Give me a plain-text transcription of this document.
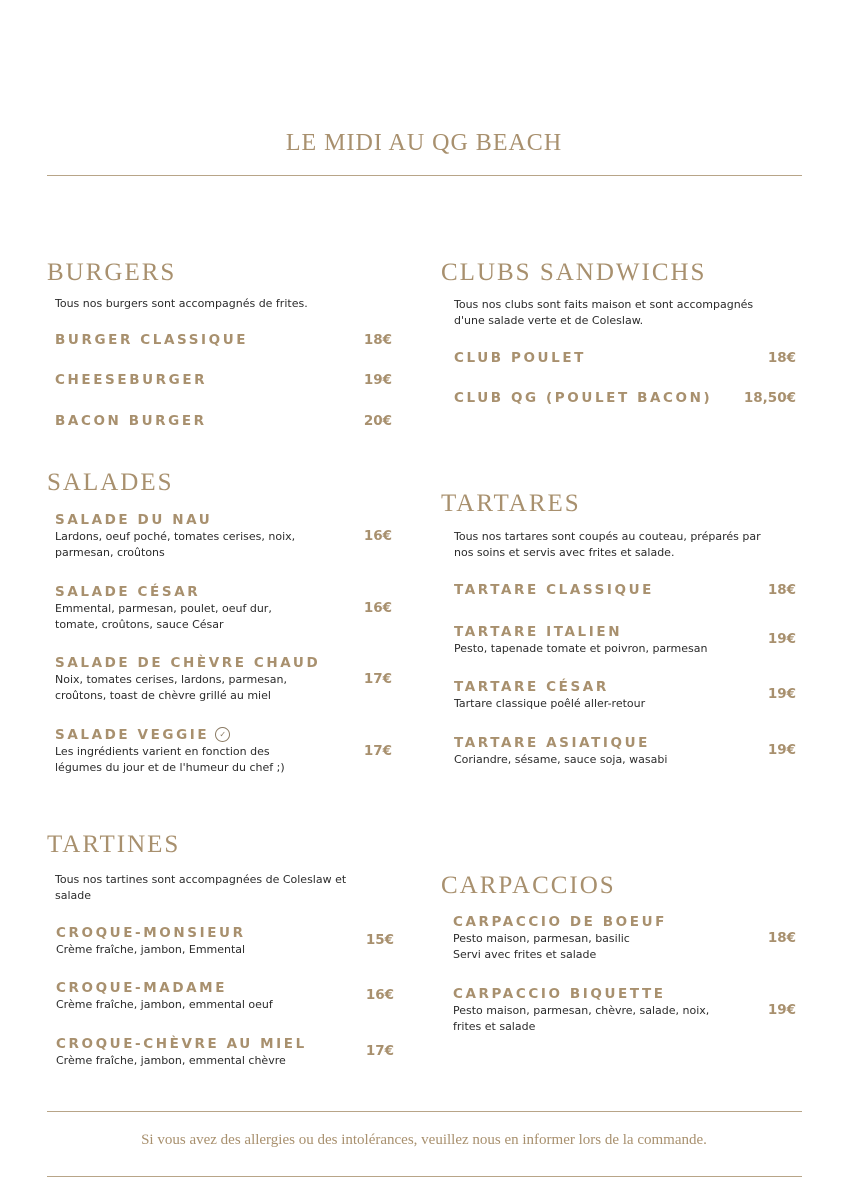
LE MIDI AU QG BEACH
BURGERS

Tous nos burgers sont accompagnés de frites.

BURGER CLASSIQUE	18€
CHEESEBURGER	19€
BACON BURGER	20€
CLUBS SANDWICHS

Tous nos clubs sont faits maison et sont accompagnés

d'une salade verte et de Coleslaw.

CLUB POULET	18€
CLUB QG (POULET BACON)	18,50€
SALADES
SALADE DU NAU
Lardons, oeuf poché, tomates cerises, noix,
parmesan, croûtons
16€
SALADE CÉSAR
Emmental, parmesan, poulet, oeuf dur,
tomate, croûtons, sauce César
16€
SALADE DE CHÈVRE CHAUD
Noix, tomates cerises, lardons, parmesan,
croûtons, toast de chèvre grillé au miel
17€
SALADE VEGGIE ✓
Les ingrédients varient en fonction des
légumes du jour et de l'humeur du chef ;)
17€
TARTARES

Tous nos tartares sont coupés au couteau, préparés par

nos soins et servis avec frites et salade.

TARTARE CLASSIQUE	18€
TARTARE ITALIEN
Pesto, tapenade tomate et poivron, parmesan
19€
TARTARE CÉSAR
Tartare classique poêlé aller-retour
19€
TARTARE ASIATIQUE
Coriandre, sésame, sauce soja, wasabi
19€
TARTINES

Tous nos tartines sont accompagnées de Coleslaw et

salade

CROQUE-MONSIEUR
Crème fraîche, jambon, Emmental
15€
CROQUE-MADAME
Crème fraîche, jambon, emmental oeuf
16€
CROQUE-CHÈVRE AU MIEL
Crème fraîche, jambon, emmental chèvre
17€
CARPACCIOS
CARPACCIO DE BOEUF
Pesto maison, parmesan, basilic
Servi avec frites et salade
18€
CARPACCIO BIQUETTE
Pesto maison, parmesan, chèvre, salade, noix,
frites et salade
19€
Si vous avez des allergies ou des intolérances, veuillez nous en informer lors de la commande.
